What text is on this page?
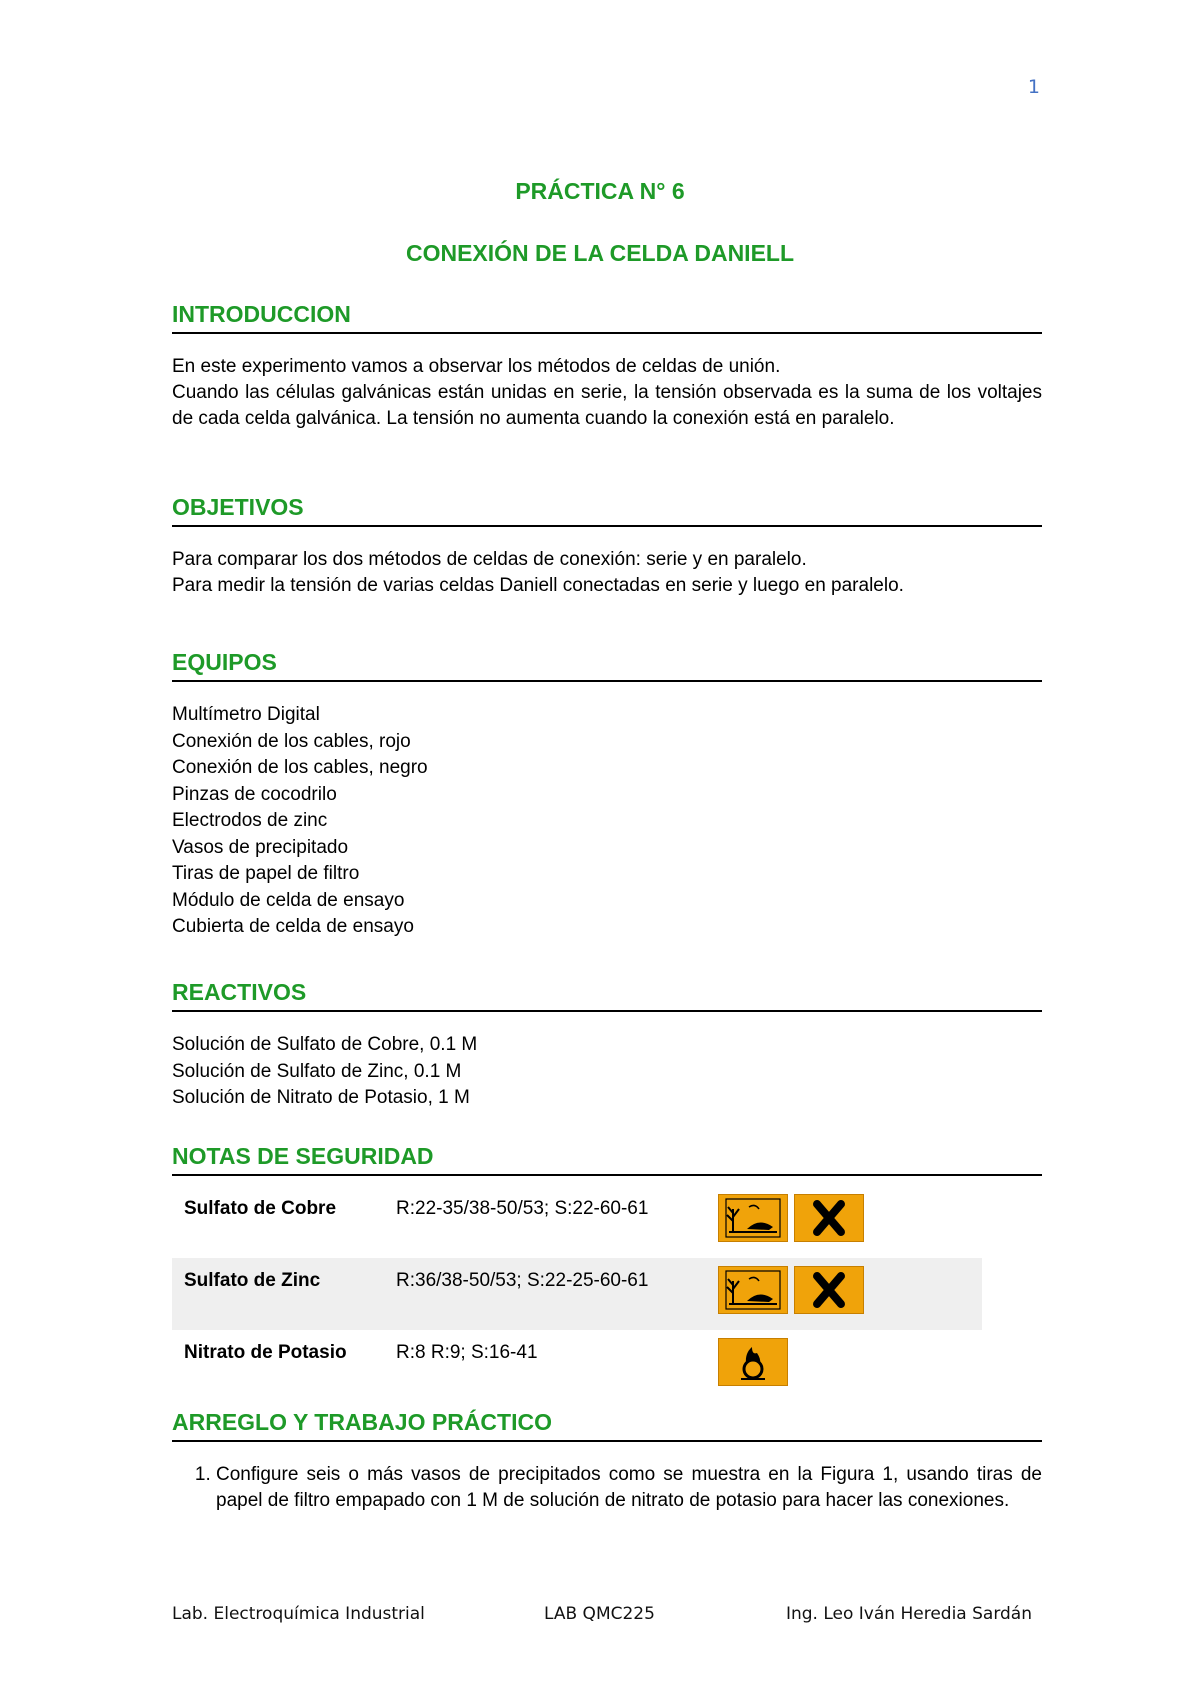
1
PRÁCTICA N° 6
CONEXIÓN DE LA CELDA DANIELL
INTRODUCCION

En este experimento vamos a observar los métodos de celdas de unión.

Cuando las células galvánicas están unidas en serie, la tensión observada es la suma de los voltajes de cada celda galvánica. La tensión no aumenta cuando la conexión está en paralelo.

OBJETIVOS

Para comparar los dos métodos de celdas de conexión: serie y en paralelo.

Para medir la tensión de varias celdas Daniell conectadas en serie y luego en paralelo.

EQUIPOS
Multímetro Digital
Conexión de los cables, rojo
Conexión de los cables, negro
Pinzas de cocodrilo
Electrodos de zinc
Vasos de precipitado
Tiras de papel de filtro
Módulo de celda de ensayo
Cubierta de celda de ensayo
REACTIVOS
Solución de Sulfato de Cobre, 0.1 M
Solución de Sulfato de Zinc, 0.1 M
Solución de Nitrato de Potasio, 1 M
NOTAS DE SEGURIDAD
Sulfato de Cobre	R:22-35/38-50/53; S:22-60-61	

Sulfato de Zinc	R:36/38-50/53; S:22-25-60-61	

Nitrato de Potasio	R:8 R:9; S:16-41	
ARREGLO Y TRABAJO PRÁCTICO
1. Configure seis o más vasos de precipitados como se muestra en la Figura 1, usando tiras de papel de filtro empapado con 1 M de solución de nitrato de potasio para hacer las conexiones.
Lab. Electroquímica Industrial	LAB QMC225	Ing. Leo Iván Heredia Sardán
